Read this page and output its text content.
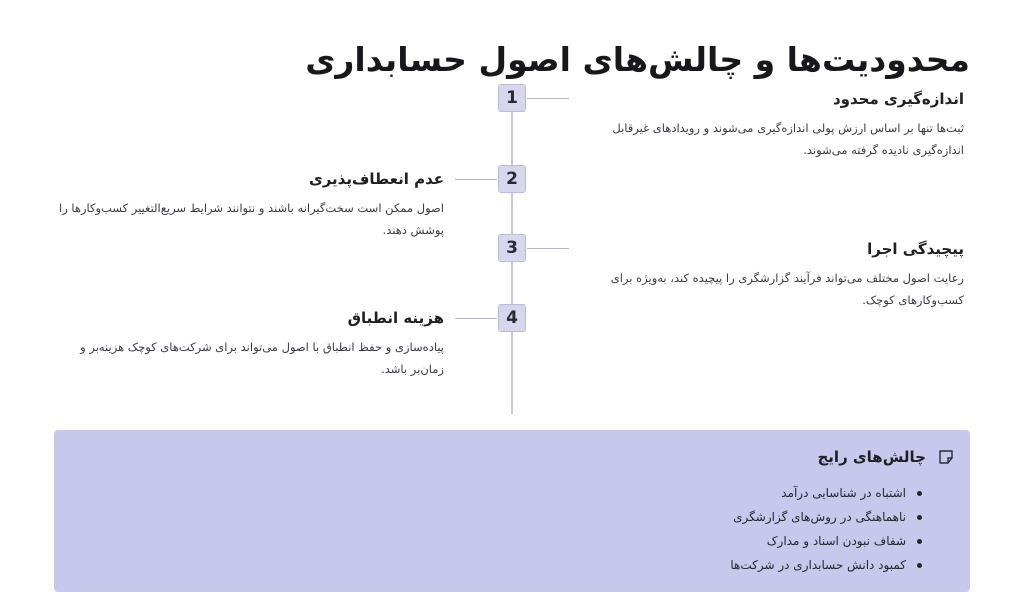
محدودیت‌ها و چالش‌های اصول حسابداری
1	اندازه‌گیری محدود
ثبت‌ها تنها بر اساس ارزش پولی اندازه‌گیری می‌شوند و رویدادهای غیرقابل اندازه‌گیری نادیده گرفته می‌شوند.
2
عدم انعطاف‌پذیری
اصول ممکن است سخت‌گیرانه باشند و نتوانند شرایط سریع‌التغییر کسب‌وکارها را پوشش دهند.
3	پیچیدگی اجرا
رعایت اصول مختلف می‌تواند فرآیند گزارشگری را پیچیده کند، به‌ویژه برای کسب‌وکارهای کوچک.
4
هزینه انطباق
پیاده‌سازی و حفظ انطباق با اصول می‌تواند برای شرکت‌های کوچک هزینه‌بر و زمان‌بر باشد.
چالش‌های رایج
اشتباه در شناسایی درآمد
ناهماهنگی در روش‌های گزارشگری
شفاف نبودن اسناد و مدارک
کمبود دانش حسابداری در شرکت‌ها
